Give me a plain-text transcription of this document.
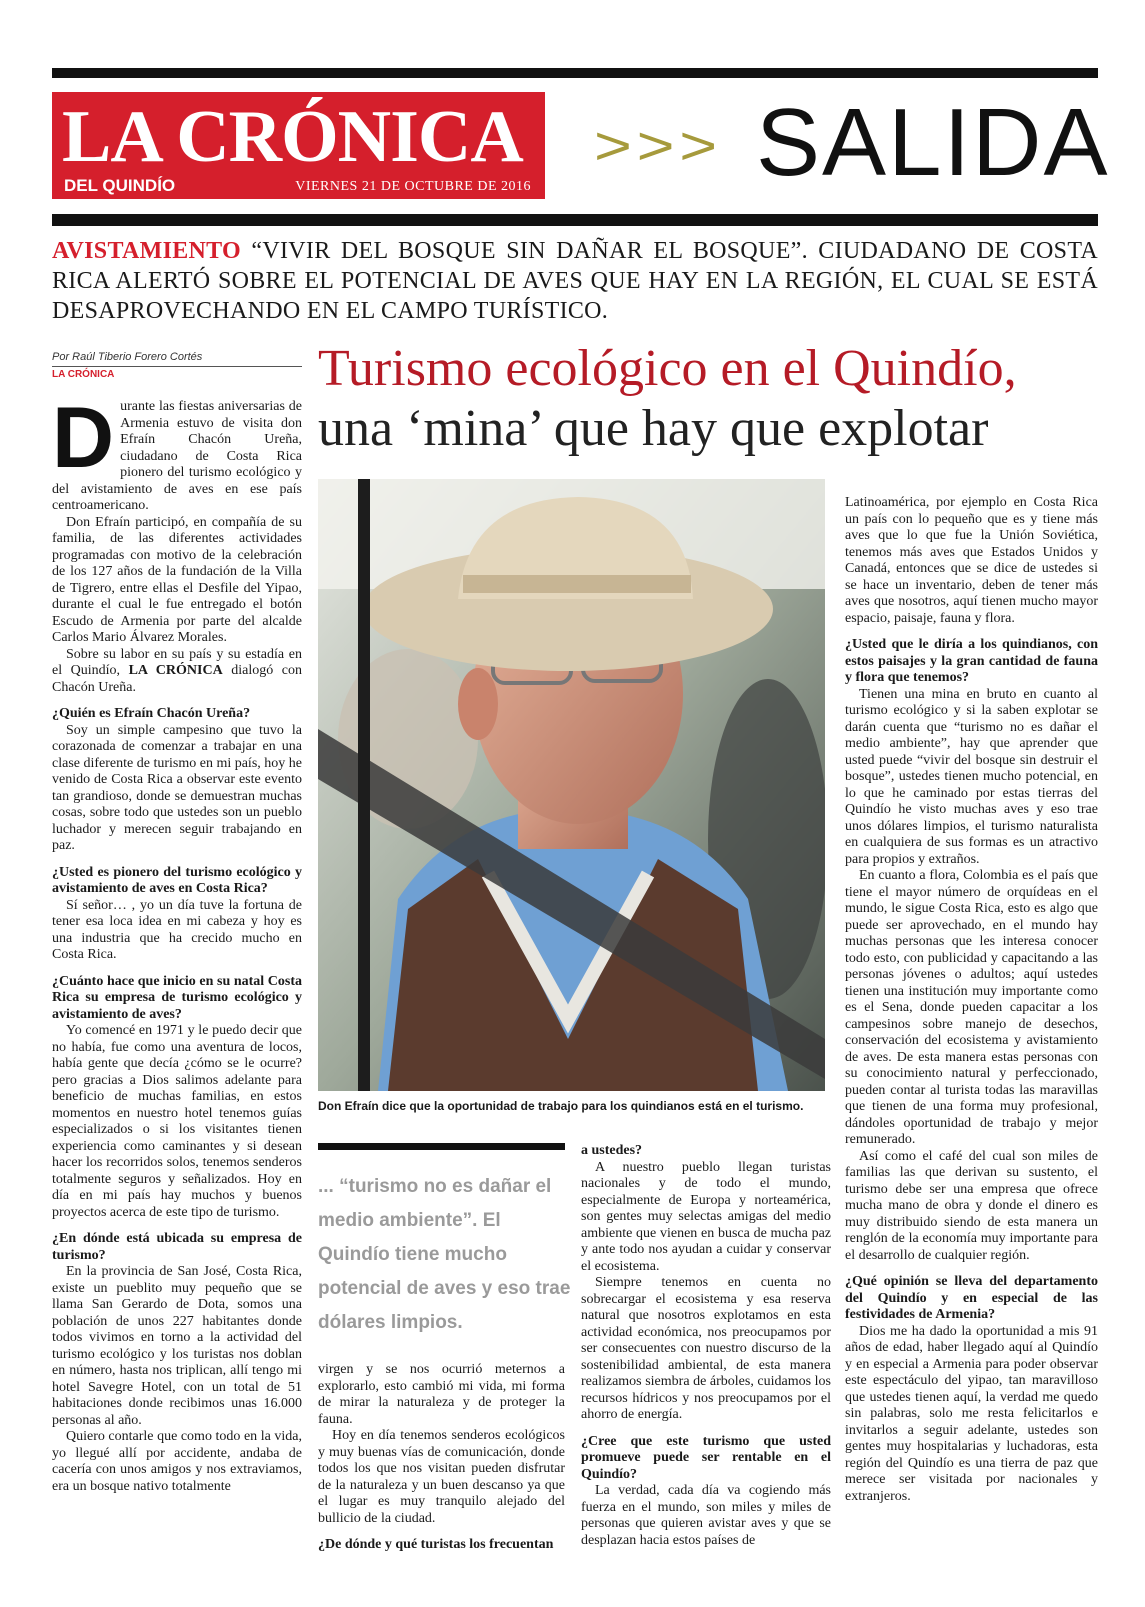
LA CRÓNICA
DEL QUINDÍO	VIERNES 21 DE OCTUBRE DE 2016
>>> SALIDA
AVISTAMIENTO “VIVIR DEL BOSQUE SIN DAÑAR EL BOSQUE”. CIUDADANO DE COSTA RICA ALERTÓ SOBRE EL POTENCIAL DE AVES QUE HAY EN LA REGIÓN, EL CUAL SE ESTÁ DESAPROVECHANDO EN EL CAMPO TURÍSTICO.
Por Raúl Tiberio Forero Cortés
LA CRÓNICA	Turismo ecológico en el Quindío,
una ‘mina’ que hay que explotar
Don Efraín dice que la oportunidad de trabajo para los quindianos está en el turismo.
D urante las fiestas aniversarias de Armenia estuvo de visita don Efraín Chacón Ureña, ciudadano de Costa Rica pionero del turismo ecológico y del avistamiento de aves en ese país centroamericano.

Don Efraín participó, en compañía de su familia, de las diferentes actividades programadas con motivo de la celebración de los 127 años de la fundación de la Villa de Tigrero, entre ellas el Desfile del Yipao, durante el cual le fue entregado el botón Escudo de Armenia por parte del alcalde Carlos Mario Álvarez Morales.

Sobre su labor en su país y su estadía en el Quindío, LA CRÓNICA dialogó con Chacón Ureña.

¿Quién es Efraín Chacón Ureña?

Soy un simple campesino que tuvo la corazonada de comenzar a trabajar en una clase diferente de turismo en mi país, hoy he venido de Costa Rica a observar este evento tan grandioso, donde se demuestran muchas cosas, sobre todo que ustedes son un pueblo luchador y merecen seguir trabajando en paz.

¿Usted es pionero del turismo ecológico y avistamiento de aves en Costa Rica?

Sí señor… , yo un día tuve la fortuna de tener esa loca idea en mi cabeza y hoy es una industria que ha crecido mucho en Costa Rica.

¿Cuánto hace que inicio en su natal Costa Rica su empresa de turismo ecológico y avistamiento de aves?

Yo comencé en 1971 y le puedo decir que no había, fue como una aventura de locos, había gente que decía ¿cómo se le ocurre? pero gracias a Dios salimos adelante para beneficio de muchas familias, en estos momentos en nuestro hotel tenemos guías especializados o si los visitantes tienen experiencia como caminantes y si desean hacer los recorridos solos, tenemos senderos totalmente seguros y señalizados. Hoy en día en mi país hay muchos y buenos proyectos acerca de este tipo de turismo.

¿En dónde está ubicada su empresa de turismo?

En la provincia de San José, Costa Rica, existe un pueblito muy pequeño que se llama San Gerardo de Dota, somos una población de unos 227 habitantes donde todos vivimos en torno a la actividad del turismo ecológico y los turistas nos doblan en número, hasta nos triplican, allí tengo mi hotel Savegre Hotel, con un total de 51 habitaciones donde recibimos unas 16.000 personas al año.

Quiero contarle que como todo en la vida, yo llegué allí por accidente, andaba de cacería con unos amigos y nos extraviamos, era un bosque nativo totalmente

... “turismo no es dañar el medio ambiente”. El Quindío tiene mucho potencial de aves y eso trae dólares limpios.

virgen y se nos ocurrió meternos a explorarlo, esto cambió mi vida, mi forma de mirar la naturaleza y de proteger la fauna.

Hoy en día tenemos senderos ecológicos y muy buenas vías de comunicación, donde todos los que nos visitan pueden disfrutar de la naturaleza y un buen descanso ya que el lugar es muy tranquilo alejado del bullicio de la ciudad.

¿De dónde y qué turistas los frecuentan

a ustedes?

A nuestro pueblo llegan turistas nacionales y de todo el mundo, especialmente de Europa y norteamérica, son gentes muy selectas amigas del medio ambiente que vienen en busca de mucha paz y ante todo nos ayudan a cuidar y conservar el ecosistema.

Siempre tenemos en cuenta no sobrecargar el ecosistema y esa reserva natural que nosotros explotamos en esta actividad económica, nos preocupamos por ser consecuentes con nuestro discurso de la sostenibilidad ambiental, de esta manera realizamos siembra de árboles, cuidamos los recursos hídricos y nos preocupamos por el ahorro de energía.

¿Cree que este turismo que usted promueve puede ser rentable en el Quindío?

La verdad, cada día va cogiendo más fuerza en el mundo, son miles y miles de personas que quieren avistar aves y que se desplazan hacia estos países de

Latinoamérica, por ejemplo en Costa Rica un país con lo pequeño que es y tiene más aves que lo que fue la Unión Soviética, tenemos más aves que Estados Unidos y Canadá, entonces que se dice de ustedes si se hace un inventario, deben de tener más aves que nosotros, aquí tienen mucho mayor espacio, paisaje, fauna y flora.

¿Usted que le diría a los quindianos, con estos paisajes y la gran cantidad de fauna y flora que tenemos?

Tienen una mina en bruto en cuanto al turismo ecológico y si la saben explotar se darán cuenta que “turismo no es dañar el medio ambiente”, hay que aprender que usted puede “vivir del bosque sin destruir el bosque”, ustedes tienen mucho potencial, en lo que he caminado por estas tierras del Quindío he visto muchas aves y eso trae unos dólares limpios, el turismo naturalista en cualquiera de sus formas es un atractivo para propios y extraños.

En cuanto a flora, Colombia es el país que tiene el mayor número de orquídeas en el mundo, le sigue Costa Rica, esto es algo que puede ser aprovechado, en el mundo hay muchas personas que les interesa conocer todo esto, con publicidad y capacitando a las personas jóvenes o adultos; aquí ustedes tienen una institución muy importante como es el Sena, donde pueden capacitar a los campesinos sobre manejo de desechos, conservación del ecosistema y avistamiento de aves. De esta manera estas personas con su conocimiento natural y perfeccionado, pueden contar al turista todas las maravillas que tienen de una forma muy profesional, dándoles oportunidad de trabajo y mejor remunerado.

Así como el café del cual son miles de familias las que derivan su sustento, el turismo debe ser una empresa que ofrece mucha mano de obra y donde el dinero es muy distribuido siendo de esta manera un renglón de la economía muy importante para el desarrollo de cualquier región.

¿Qué opinión se lleva del departamento del Quindío y en especial de las festividades de Armenia?

Dios me ha dado la oportunidad a mis 91 años de edad, haber llegado aquí al Quindío y en especial a Armenia para poder observar este espectáculo del yipao, tan maravilloso que ustedes tienen aquí, la verdad me quedo sin palabras, solo me resta felicitarlos e invitarlos a seguir adelante, ustedes son gentes muy hospitalarias y luchadoras, esta región del Quindío es una tierra de paz que merece ser visitada por nacionales y extranjeros.
